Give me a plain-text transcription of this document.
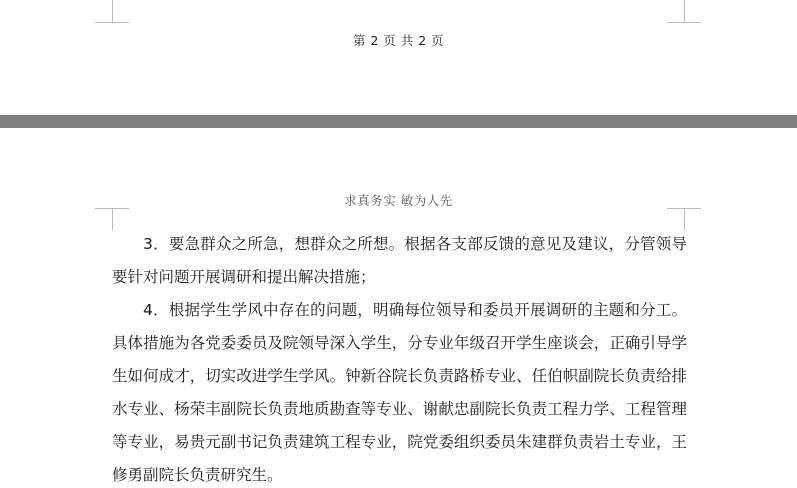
第 2 页 共 2 页
求真务实 敏为人先

3．要急群众之所急，想群众之所想。根据各支部反馈的意见及建议，分管领导要针对问题开展调研和提出解决措施；

4．根据学生学风中存在的问题，明确每位领导和委员开展调研的主题和分工。具体措施为各党委委员及院领导深入学生，分专业年级召开学生座谈会，正确引导学生如何成才，切实改进学生学风。钟新谷院长负责路桥专业、任伯帜副院长负责给排水专业、杨荣丰副院长负责地质勘查等专业、谢献忠副院长负责工程力学、工程管理等专业，易贵元副书记负责建筑工程专业，院党委组织委员朱建群负责岩土专业，王修勇副院长负责研究生。
